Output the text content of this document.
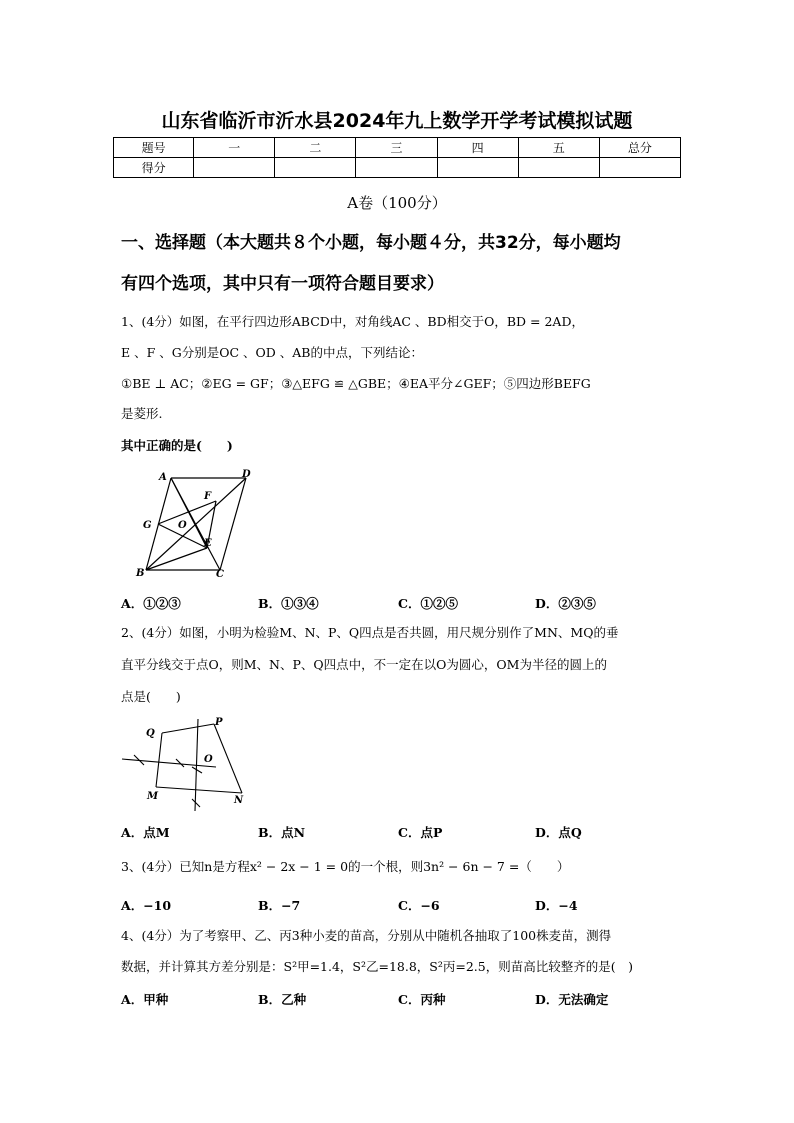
山东省临沂市沂水县2024年九上数学开学考试模拟试题
题号	一	二	三	四	五	总分
得分						
A卷（100分）
一、选择题（本大题共８个小题，每小题４分，共32分，每小题均
有四个选项，其中只有一项符合题目要求）
1、(4分）如图，在平行四边形ABCD中，对角线AC 、BD相交于O，BD = 2AD，
E 、F 、G分别是OC 、OD 、AB的中点，下列结论：
①BE ⊥ AC；②EG = GF；③△EFG ≌ △GBE；④EA平分∠GEF；⑤四边形BEFG
是菱形.
其中正确的是(　　)
A	D
F
G	O
E
B	C
A．①②③	B．①③④	C．①②⑤	D．②③⑤
2、(4分）如图，小明为检验M、N、P、Q四点是否共圆，用尺规分别作了MN、MQ的垂
直平分线交于点O，则M、N、P、Q四点中，不一定在以O为圆心，OM为半径的圆上的
点是(　　)
Q
P
O
M	N
A．点M	B．点N	C．点P	D．点Q
3、(4分）已知n是方程x² − 2x − 1 = 0的一个根，则3n² − 6n − 7 =（　　）
A．−10	B．−7	C．−6	D．−4
4、(4分）为了考察甲、乙、丙3种小麦的苗高，分别从中随机各抽取了100株麦苗，测得
数据，并计算其方差分别是：S²甲=1.4，S²乙=18.8，S²丙=2.5，则苗高比较整齐的是(　)
A．甲种	B．乙种	C．丙种	D．无法确定
